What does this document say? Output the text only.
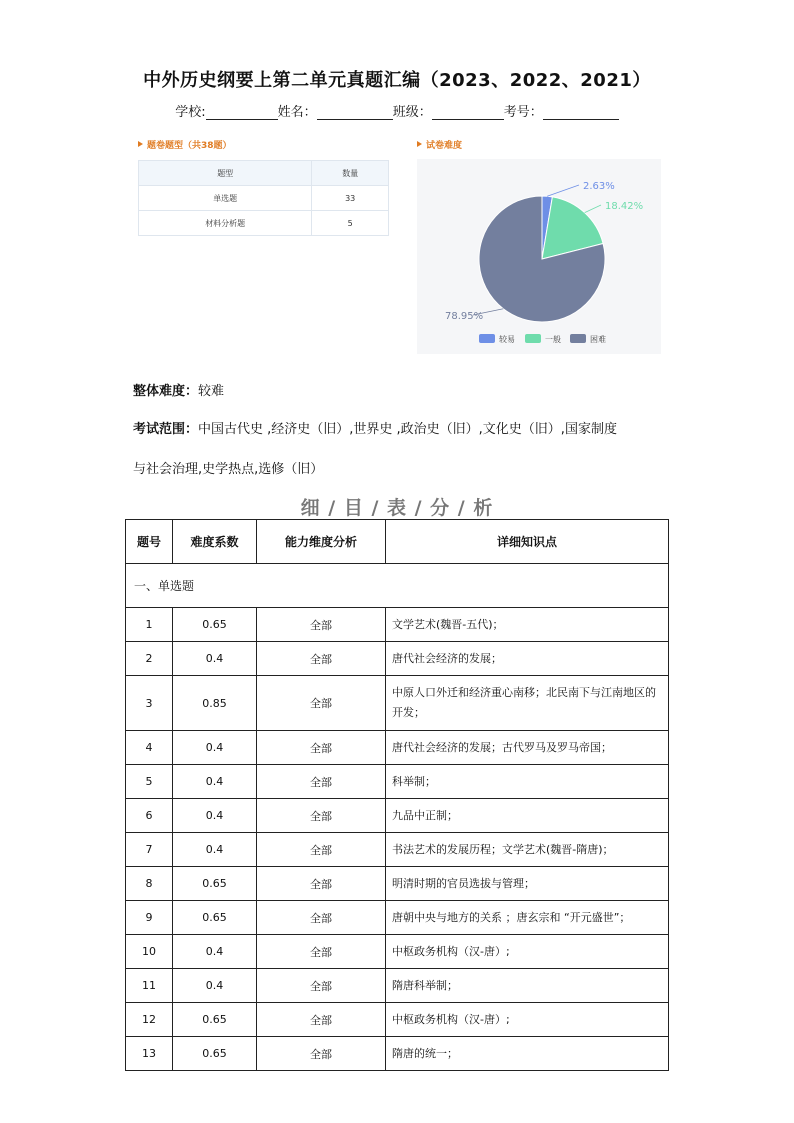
中外历史纲要上第二单元真题汇编（2023、2022、2021）
学校:	姓名：	班级：	考号：
题卷题型（共38题）
题型	数量
单选题	33
材料分析题	5
试卷难度
2.63%
18.42%
78.95%
较易	一般	困难
整体难度：较难
考试范围：中国古代史 ,经济史（旧）,世界史 ,政治史（旧）,文化史（旧）,国家制度
与社会治理,史学热点,选修（旧）
细 / 目 / 表 / 分 / 析
题号	难度系数	能力维度分析	详细知识点
一、单选题			
1	0.65	全部	文学艺术(魏晋-五代)；
2	0.4	全部	唐代社会经济的发展；
3	0.85	全部	中原人口外迁和经济重心南移；北民南下与江南地区的开发；
4	0.4	全部	唐代社会经济的发展；古代罗马及罗马帝国；
5	0.4	全部	科举制；
6	0.4	全部	九品中正制；
7	0.4	全部	书法艺术的发展历程；文学艺术(魏晋-隋唐)；
8	0.65	全部	明清时期的官员选拔与管理；
9	0.65	全部	唐朝中央与地方的关系 ；唐玄宗和 “开元盛世”；
10	0.4	全部	中枢政务机构（汉-唐）;
11	0.4	全部	隋唐科举制；
12	0.65	全部	中枢政务机构（汉-唐）;
13	0.65	全部	隋唐的统一；
